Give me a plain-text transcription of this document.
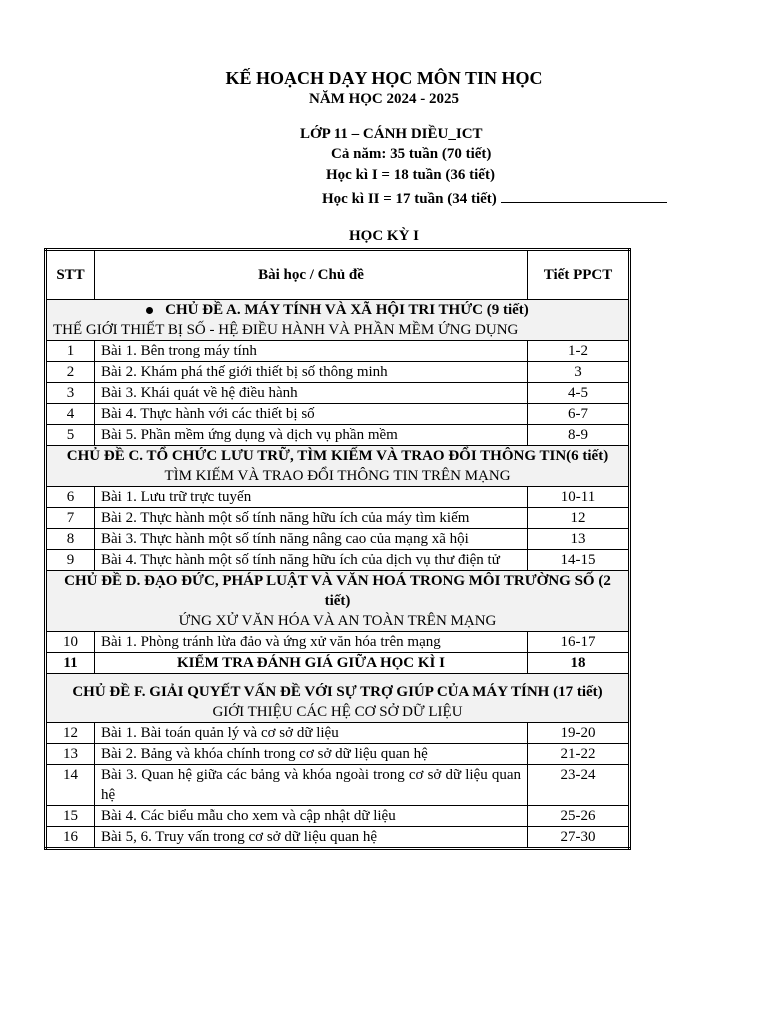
KẾ HOẠCH DẠY HỌC MÔN TIN HỌC
NĂM HỌC 2024 - 2025
LỚP 11 – CÁNH DIỀU_ICT
Cả năm: 35 tuần (70 tiết)
Học kì I = 18 tuần (36 tiết)
Học kì II = 17 tuần (34 tiết)
HỌC KỲ I
STT	Bài học / Chủ đề	Tiết PPCT

CHỦ ĐỀ A. MÁY TÍNH VÀ XÃ HỘI TRI THỨC (9 tiết)
THẾ GIỚI THIẾT BỊ SỐ - HỆ ĐIỀU HÀNH VÀ PHẦN MỀM ỨNG DỤNG		

1	Bài 1. Bên trong máy tính	1-2
2	Bài 2. Khám phá thế giới thiết bị số thông minh	3
3	Bài 3. Khái quát về hệ điều hành	4-5
4	Bài 4. Thực hành với các thiết bị số	6-7
5	Bài 5. Phần mềm ứng dụng và dịch vụ phần mềm	8-9

CHỦ ĐỀ C. TỔ CHỨC LƯU TRỮ, TÌM KIẾM VÀ TRAO ĐỔI THÔNG TIN(6 tiết)
TÌM KIẾM VÀ TRAO ĐỔI THÔNG TIN TRÊN MẠNG		

6	Bài 1. Lưu trữ trực tuyến	10-11
7	Bài 2. Thực hành một số tính năng hữu ích của máy tìm kiếm	12
8	Bài 3. Thực hành một số tính năng nâng cao của mạng xã hội	13
9	Bài 4. Thực hành một số tính năng hữu ích của dịch vụ thư điện tử	14-15

CHỦ ĐỀ D. ĐẠO ĐỨC, PHÁP LUẬT VÀ VĂN HOÁ TRONG MÔI TRƯỜNG SỐ (2 tiết)
ỨNG XỬ VĂN HÓA VÀ AN TOÀN TRÊN MẠNG		

10	Bài 1. Phòng tránh lừa đảo và ứng xử văn hóa trên mạng	16-17
11	KIỂM TRA ĐÁNH GIÁ GIỮA HỌC KÌ I	18

CHỦ ĐỀ F. GIẢI QUYẾT VẤN ĐỀ VỚI SỰ TRỢ GIÚP CỦA MÁY TÍNH (17 tiết)
GIỚI THIỆU CÁC HỆ CƠ SỞ DỮ LIỆU		

12	Bài 1. Bài toán quản lý và cơ sở dữ liệu	19-20
13	Bài 2. Bảng và khóa chính trong cơ sở dữ liệu quan hệ	21-22
14	Bài 3. Quan hệ giữa các bảng và khóa ngoài trong cơ sở dữ liệu quan hệ	23-24
15	Bài 4. Các biểu mẫu cho xem và cập nhật dữ liệu	25-26
16	Bài 5, 6. Truy vấn trong cơ sở dữ liệu quan hệ	27-30
